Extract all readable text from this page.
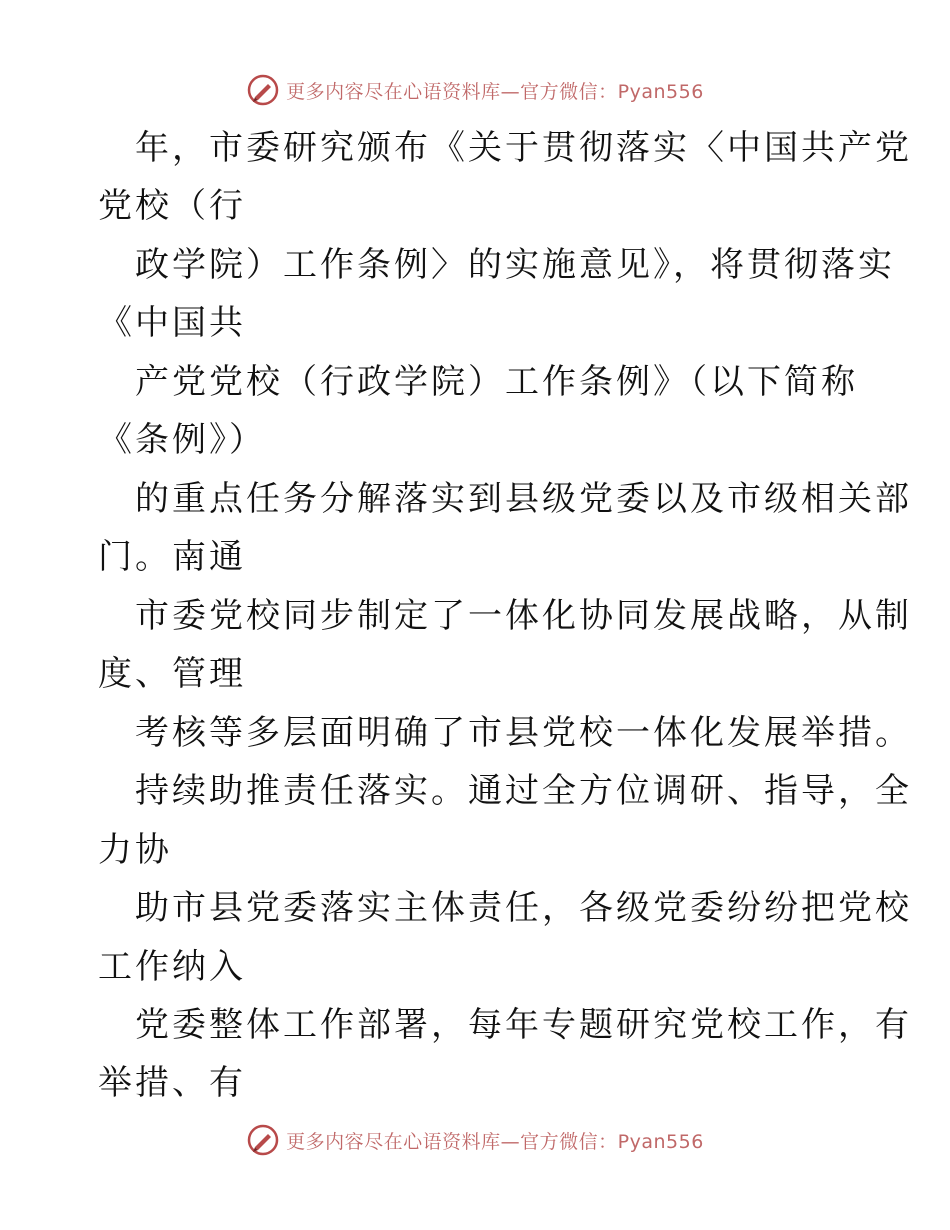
更多内容尽在心语资料库—官方微信：Pyan556
年，市委研究颁布《关于贯彻落实〈中国共产党
党校（行
政学院）工作条例〉的实施意见》，将贯彻落实
《中国共
产党党校（行政学院）工作条例》（以下简称
《条例》）
的重点任务分解落实到县级党委以及市级相关部
门。南通
市委党校同步制定了一体化协同发展战略，从制
度、管理
考核等多层面明确了市县党校一体化发展举措。
持续助推责任落实。通过全方位调研、指导，全
力协
助市县党委落实主体责任，各级党委纷纷把党校
工作纳入
党委整体工作部署，每年专题研究党校工作，有
举措、有
更多内容尽在心语资料库—官方微信：Pyan556
